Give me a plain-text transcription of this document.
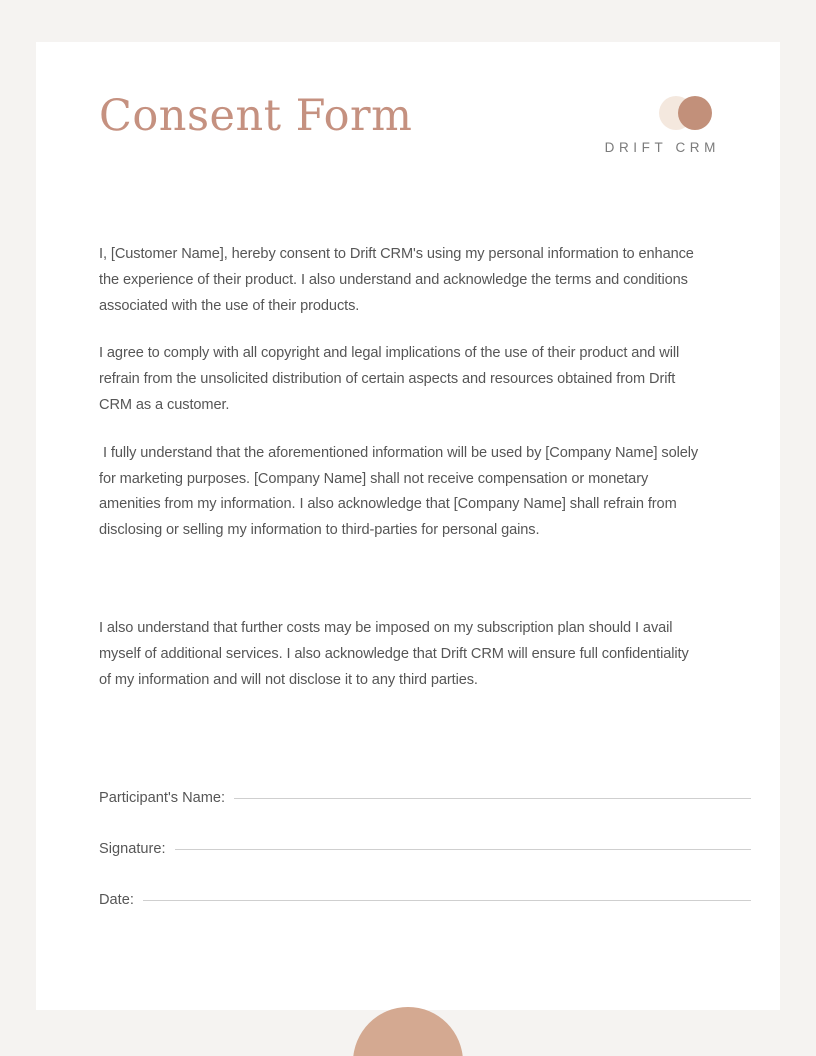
Consent Form
DRIFT CRM

I, [Customer Name], hereby consent to Drift CRM's using my personal information to enhance the experience of their product. I also understand and acknowledge the terms and conditions associated with the use of their products.

I agree to comply with all copyright and legal implications of the use of their product and will refrain from the unsolicited distribution of certain aspects and resources obtained from Drift CRM as a customer.

I fully understand that the aforementioned information will be used by [Company Name] solely for marketing purposes. [Company Name] shall not receive compensation or monetary amenities from my information. I also acknowledge that [Company Name] shall refrain from disclosing or selling my information to third-parties for personal gains.

I also understand that further costs may be imposed on my subscription plan should I avail myself of additional services. I also acknowledge that Drift CRM will ensure full confidentiality of my information and will not disclose it to any third parties.

Participant's Name:
Signature:
Date:
